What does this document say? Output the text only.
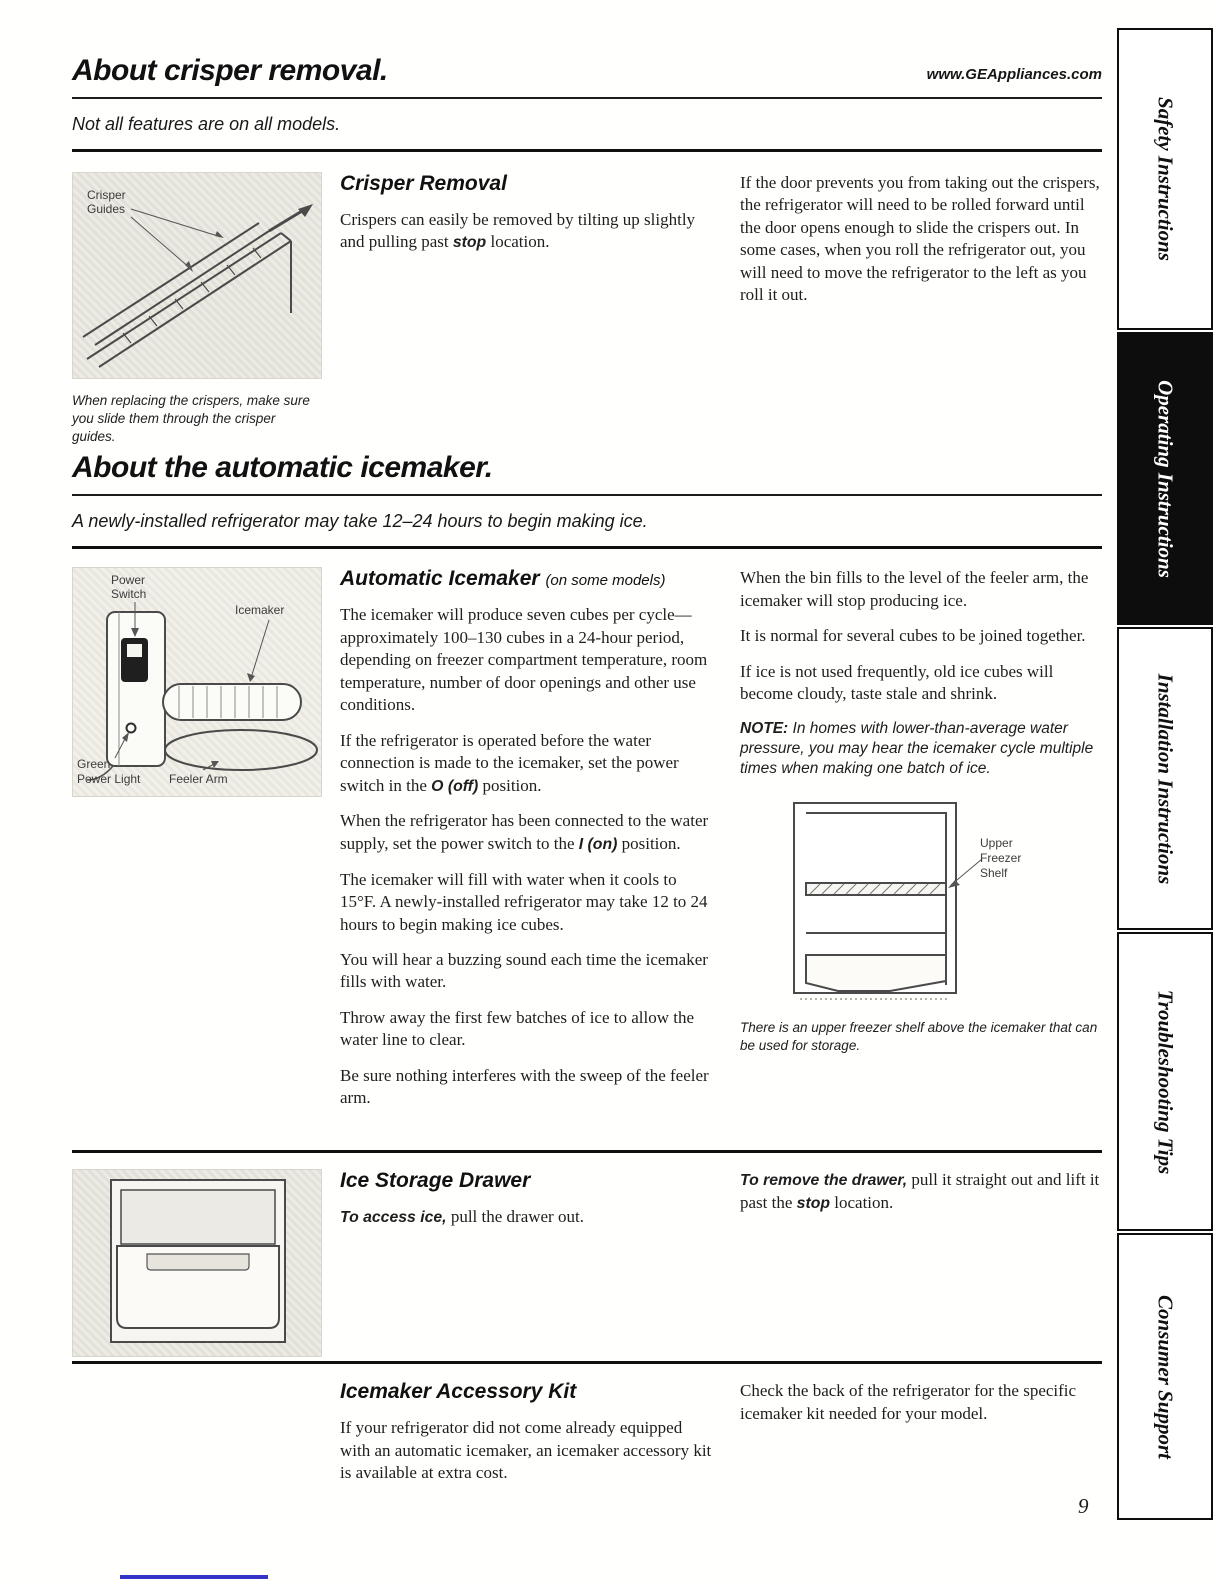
About crisper removal.	www.GEAppliances.com
Not all features are on all models.
Crisper
Guides

When replacing the crispers, make sure you slide them through the crisper guides.

Crisper Removal

Crispers can easily be removed by tilting up slightly and pulling past stop location.

If the door prevents you from taking out the crispers, the refrigerator will need to be rolled forward until the door opens enough to slide the crispers out. In some cases, when you roll the refrigerator out, you will need to move the refrigerator to the left as you roll it out.

About the automatic icemaker.
A newly-installed refrigerator may take 12–24 hours to begin making ice.
Power
Switch
Icemaker
Green
Power Light Feeler Arm
Automatic Icemaker (on some models)

The icemaker will produce seven cubes per cycle—approximately 100–130 cubes in a 24-hour period, depending on freezer compartment temperature, room temperature, number of door openings and other use conditions.

If the refrigerator is operated before the water connection is made to the icemaker, set the power switch in the O (off) position.

When the refrigerator has been connected to the water supply, set the power switch to the I (on) position.

The icemaker will fill with water when it cools to 15°F. A newly-installed refrigerator may take 12 to 24 hours to begin making ice cubes.

You will hear a buzzing sound each time the icemaker fills with water.

Throw away the first few batches of ice to allow the water line to clear.

Be sure nothing interferes with the sweep of the feeler arm.

When the bin fills to the level of the feeler arm, the icemaker will stop producing ice.

It is normal for several cubes to be joined together.

If ice is not used frequently, old ice cubes will become cloudy, taste stale and shrink.

NOTE: In homes with lower-than-average water pressure, you may hear the icemaker cycle multiple times when making one batch of ice.

Upper
Freezer
Shelf

There is an upper freezer shelf above the icemaker that can be used for storage.

Ice Storage Drawer

To access ice, pull the drawer out.

To remove the drawer, pull it straight out and lift it past the stop location.

Icemaker Accessory Kit

If your refrigerator did not come already equipped with an automatic icemaker, an icemaker accessory kit is available at extra cost.

Check the back of the refrigerator for the specific icemaker kit needed for your model.

Safety Instructions
Operating Instructions
Installation Instructions
Troubleshooting Tips
Consumer Support
9
